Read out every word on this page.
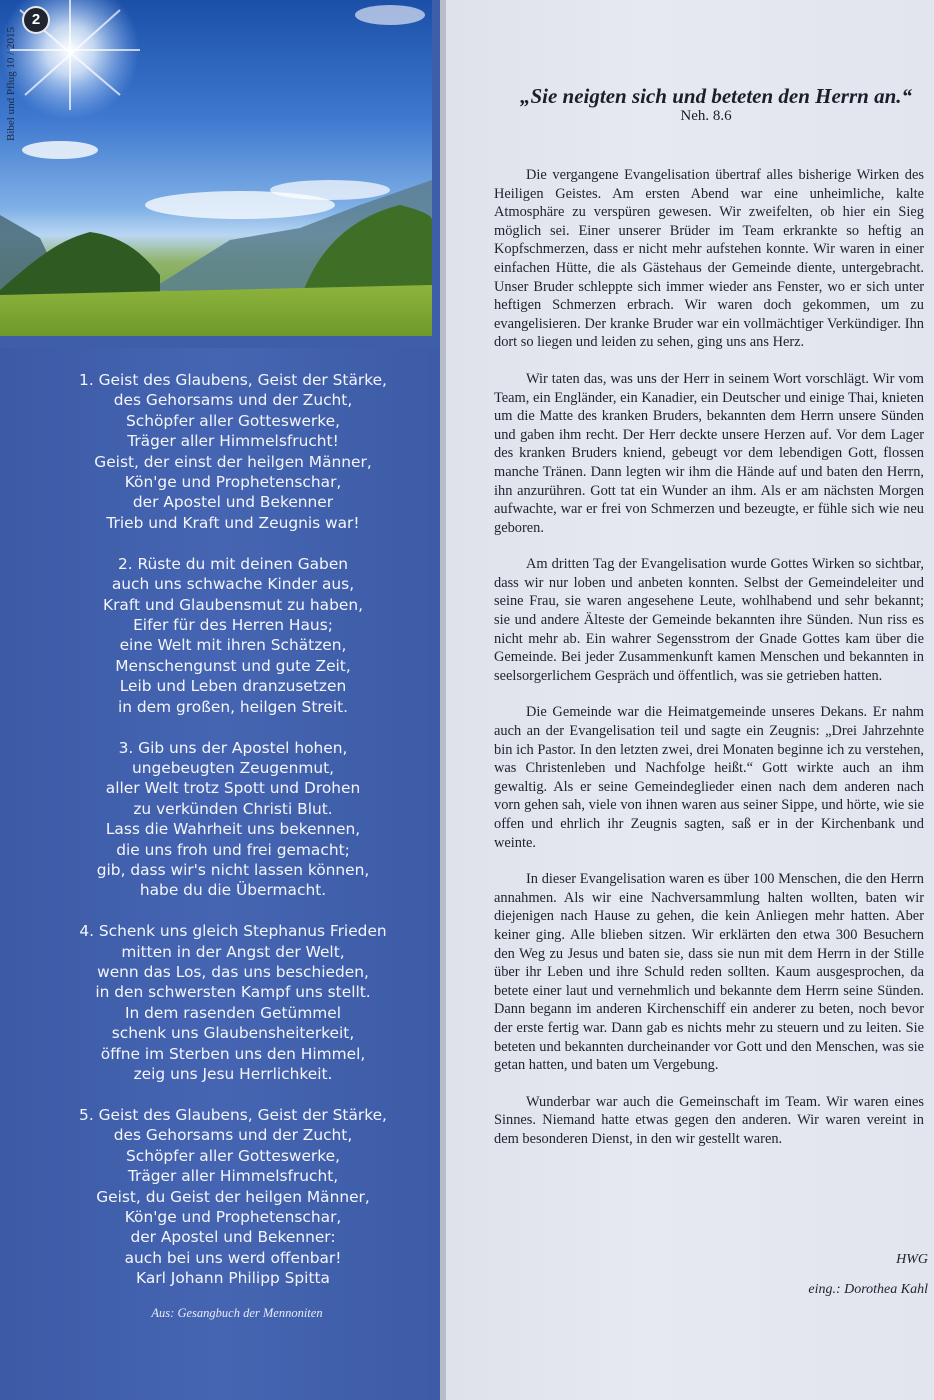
2
Bibel und Pflug 10 / 2015
1. Geist des Glaubens, Geist der Stärke,
des Gehorsams und der Zucht,
Schöpfer aller Gotteswerke,
Träger aller Himmelsfrucht!
Geist, der einst der heilgen Männer,
Kön'ge und Prophetenschar,
der Apostel und Bekenner
Trieb und Kraft und Zeugnis war!
2. Rüste du mit deinen Gaben
auch uns schwache Kinder aus,
Kraft und Glaubensmut zu haben,
Eifer für des Herren Haus;
eine Welt mit ihren Schätzen,
Menschengunst und gute Zeit,
Leib und Leben dranzusetzen
in dem großen, heilgen Streit.
3. Gib uns der Apostel hohen,
ungebeugten Zeugenmut,
aller Welt trotz Spott und Drohen
zu verkünden Christi Blut.
Lass die Wahrheit uns bekennen,
die uns froh und frei gemacht;
gib, dass wir's nicht lassen können,
habe du die Übermacht.
4. Schenk uns gleich Stephanus Frieden
mitten in der Angst der Welt,
wenn das Los, das uns beschieden,
in den schwersten Kampf uns stellt.
In dem rasenden Getümmel
schenk uns Glaubensheiterkeit,
öffne im Sterben uns den Himmel,
zeig uns Jesu Herrlichkeit.
5. Geist des Glaubens, Geist der Stärke,
des Gehorsams und der Zucht,
Schöpfer aller Gotteswerke,
Träger aller Himmelsfrucht,
Geist, du Geist der heilgen Männer,
Kön'ge und Prophetenschar,
der Apostel und Bekenner:
auch bei uns werd offenbar!
Karl Johann Philipp Spitta
Aus: Gesangbuch der Mennoniten
„Sie neigten sich und beteten den Herrn an.“
Neh. 8.6

Die vergangene Evangelisation übertraf alles bisherige Wirken des Heiligen Geistes. Am ersten Abend war eine unheimliche, kalte Atmosphäre zu verspüren gewesen. Wir zweifelten, ob hier ein Sieg möglich sei. Einer unserer Brüder im Team erkrankte so heftig an Kopfschmerzen, dass er nicht mehr aufstehen konnte. Wir waren in einer einfachen Hütte, die als Gästehaus der Gemeinde diente, untergebracht. Unser Bruder schleppte sich immer wieder ans Fenster, wo er sich unter heftigen Schmerzen erbrach. Wir waren doch gekommen, um zu evangelisieren. Der kranke Bruder war ein vollmächtiger Verkündiger. Ihn dort so liegen und leiden zu sehen, ging uns ans Herz.

Wir taten das, was uns der Herr in seinem Wort vorschlägt. Wir vom Team, ein Engländer, ein Kanadier, ein Deutscher und einige Thai, knieten um die Matte des kranken Bruders, bekannten dem Herrn unsere Sünden und gaben ihm recht. Der Herr deckte unsere Herzen auf. Vor dem Lager des kranken Bruders kniend, gebeugt vor dem lebendigen Gott, flossen manche Tränen. Dann legten wir ihm die Hände auf und baten den Herrn, ihn anzurühren. Gott tat ein Wunder an ihm. Als er am nächsten Morgen aufwachte, war er frei von Schmerzen und bezeugte, er fühle sich wie neu geboren.

Am dritten Tag der Evangelisation wurde Gottes Wirken so sichtbar, dass wir nur loben und anbeten konnten. Selbst der Gemeindeleiter und seine Frau, sie waren angesehene Leute, wohlhabend und sehr bekannt; sie und andere Älteste der Gemeinde bekannten ihre Sünden. Nun riss es nicht mehr ab. Ein wahrer Segensstrom der Gnade Gottes kam über die Gemeinde. Bei jeder Zusammenkunft kamen Menschen und bekannten in seelsorgerlichem Gespräch und öffentlich, was sie getrieben hatten.

Die Gemeinde war die Heimatgemeinde unseres Dekans. Er nahm auch an der Evangelisation teil und sagte ein Zeugnis: „Drei Jahrzehnte bin ich Pastor. In den letzten zwei, drei Monaten beginne ich zu verstehen, was Christenleben und Nachfolge heißt.“ Gott wirkte auch an ihm gewaltig. Als er seine Gemeindeglieder einen nach dem anderen nach vorn gehen sah, viele von ihnen waren aus seiner Sippe, und hörte, wie sie offen und ehrlich ihr Zeugnis sagten, saß er in der Kirchenbank und weinte.

In dieser Evangelisation waren es über 100 Menschen, die den Herrn annahmen. Als wir eine Nachversammlung halten wollten, baten wir diejenigen nach Hause zu gehen, die kein Anliegen mehr hatten. Aber keiner ging. Alle blieben sitzen. Wir erklärten den etwa 300 Besuchern den Weg zu Jesus und baten sie, dass sie nun mit dem Herrn in der Stille über ihr Leben und ihre Schuld reden sollten. Kaum ausgesprochen, da betete einer laut und vernehmlich und bekannte dem Herrn seine Sünden. Dann begann im anderen Kirchenschiff ein anderer zu beten, noch bevor der erste fertig war. Dann gab es nichts mehr zu steuern und zu leiten. Sie beteten und bekannten durcheinander vor Gott und den Menschen, was sie getan hatten, und baten um Vergebung.

Wunderbar war auch die Gemeinschaft im Team. Wir waren eines Sinnes. Niemand hatte etwas gegen den anderen. Wir waren vereint in dem besonderen Dienst, in den wir gestellt waren.

HWG
eing.: Dorothea Kahl
